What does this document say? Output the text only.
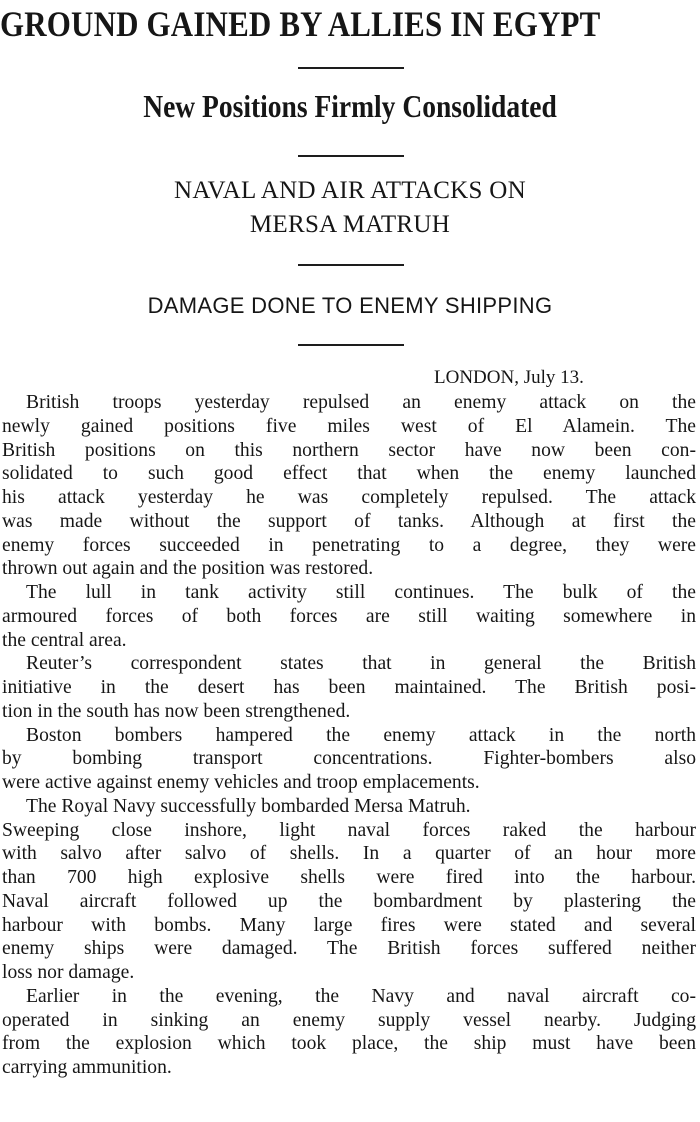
GROUND GAINED BY ALLIES IN EGYPT
New Positions Firmly Consolidated
NAVAL AND AIR ATTACKS ON
MERSA MATRUH
DAMAGE DONE TO ENEMY SHIPPING
LONDON, July 13.
British troops yesterday repulsed an enemy attack on the
newly gained positions five miles west of El Alamein. The
British positions on this northern sector have now been con-
solidated to such good effect that when the enemy launched
his attack yesterday he was completely repulsed. The attack
was made without the support of tanks. Although at first the
enemy forces succeeded in penetrating to a degree, they were
thrown out again and the position was restored.
The lull in tank activity still continues. The bulk of the
armoured forces of both forces are still waiting somewhere in
the central area.
Reuter’s correspondent states that in general the British
initiative in the desert has been maintained. The British posi-
tion in the south has now been strengthened.
Boston bombers hampered the enemy attack in the north
by bombing transport concentrations. Fighter-bombers also
were active against enemy vehicles and troop emplacements.
The Royal Navy successfully bombarded Mersa Matruh.
Sweeping close inshore, light naval forces raked the harbour
with salvo after salvo of shells. In a quarter of an hour more
than 700 high explosive shells were fired into the harbour.
Naval aircraft followed up the bombardment by plastering the
harbour with bombs. Many large fires were stated and several
enemy ships were damaged. The British forces suffered neither
loss nor damage.
Earlier in the evening, the Navy and naval aircraft co-
operated in sinking an enemy supply vessel nearby. Judging
from the explosion which took place, the ship must have been
carrying ammunition.
